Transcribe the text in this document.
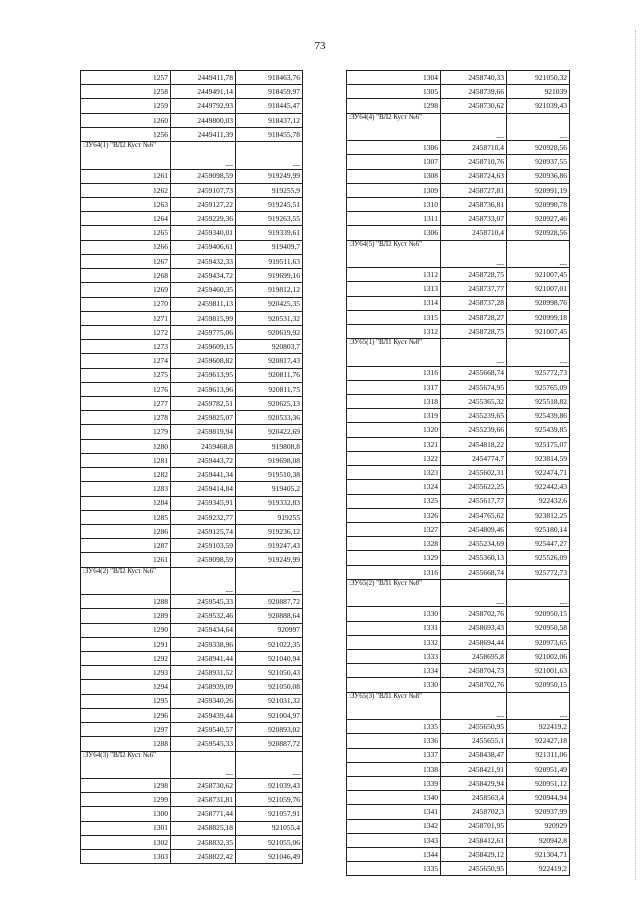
73
1257	2449411,78	918463,76
1258	2449491,14	918459,97
1259	2449792,93	918445,47
1260	2449800,03	918437,12
1256	2449411,39	918455,78
:ЗУ64(1) "ВЛ2 Куст №6"	---	---
1261	2459098,59	919249,99
1262	2459107,73	919255,9
1263	2459127,22	919245,51
1264	2459229,36	919263,55
1265	2459340,01	919339,61
1266	2459406,61	919409,7
1267	2459432,33	919511,63
1268	2459434,72	919699,16
1269	2459460,35	919812,12
1270	2459811,13	920425,35
1271	2459815,99	920531,32
1272	2459775,06	920619,92
1273	2459609,15	920803,7
1274	2459608,82	920817,43
1275	2459613,95	920811,76
1276	2459613,96	920811,75
1277	2459782,51	920625,13
1278	2459825,07	920533,36
1279	2459819,94	920422,69
1280	2459468,8	919808,8
1281	2459443,72	919698,08
1282	2459441,34	919510,38
1283	2459414,84	919405,2
1284	2459345,91	919332,83
1285	2459232,77	919255
1286	2459125,74	919236,12
1287	2459103,59	919247,43
1261	2459098,59	919249,99
:ЗУ64(2) "ВЛ2 Куст №6"	---	---
1288	2459545,33	920887,72
1289	2459532,46	920888,64
1290	2459434,64	920997
1291	2459338,96	921022,35
1292	2458941,44	921040,94
1293	2458931,52	921050,43
1294	2458939,09	921050,08
1295	2459340,26	921031,32
1296	2459439,44	921004,97
1297	2459540,57	920893,02
1288	2459545,33	920887,72
:ЗУ64(3) "ВЛ2 Куст №6"	---	---
1298	2458730,62	921039,43
1299	2458731,81	921059,76
1300	2458771,44	921057,91
1301	2458825,18	921055,4
1302	2458832,35	921055,06
1303	2458822,42	921046,49
1304	2458740,33	921050,32
1305	2458739,66	921039
1298	2458730,62	921039,43
:ЗУ64(4) "ВЛ2 Куст №6"	---	---
1306	2458710,4	920928,56
1307	2458710,76	920937,55
1308	2458724,63	920936,86
1309	2458727,81	920991,19
1310	2458736,81	920990,78
1311	2458733,07	920927,46
1306	2458710,4	920928,56
:ЗУ64(5) "ВЛ2 Куст №6"	---	---
1312	2458728,75	921007,45
1313	2458737,77	921007,01
1314	2458737,28	920998,76
1315	2458728,27	920999,18
1312	2458728,75	921007,45
:ЗУ65(1) "ВЛ1 Куст №8"	---	---
1316	2455668,74	925772,73
1317	2455674,95	925765,09
1318	2455365,32	925518,82
1319	2455239,65	925439,86
1320	2455239,66	925439,85
1321	2454818,22	925175,07
1322	2454774,7	923814,59
1323	2455602,31	922474,71
1324	2455622,25	922442,43
1325	2455617,77	922432,6
1326	2454765,62	923812,25
1327	2454809,46	925180,14
1328	2455234,69	925447,27
1329	2455360,13	925526,09
1316	2455668,74	925772,73
:ЗУ65(2) "ВЛ1 Куст №8"	---	---
1330	2458702,76	920950,15
1331	2458693,43	920950,58
1332	2458694,44	920973,65
1333	2458695,8	921002,06
1334	2458704,73	921001,63
1330	2458702,76	920950,15
:ЗУ65(3) "ВЛ1 Куст №8"	---	---
1335	2455650,95	922419,2
1336	2455655,1	922427,18
1337	2458438,47	921311,06
1338	2458421,91	920951,49
1339	2458429,94	920951,12
1340	2458563,4	920944,94
1341	2458702,3	920937,99
1342	2458701,95	920929
1343	2458412,61	920942,8
1344	2458429,12	921304,71
1335	2455650,95	922419,2
